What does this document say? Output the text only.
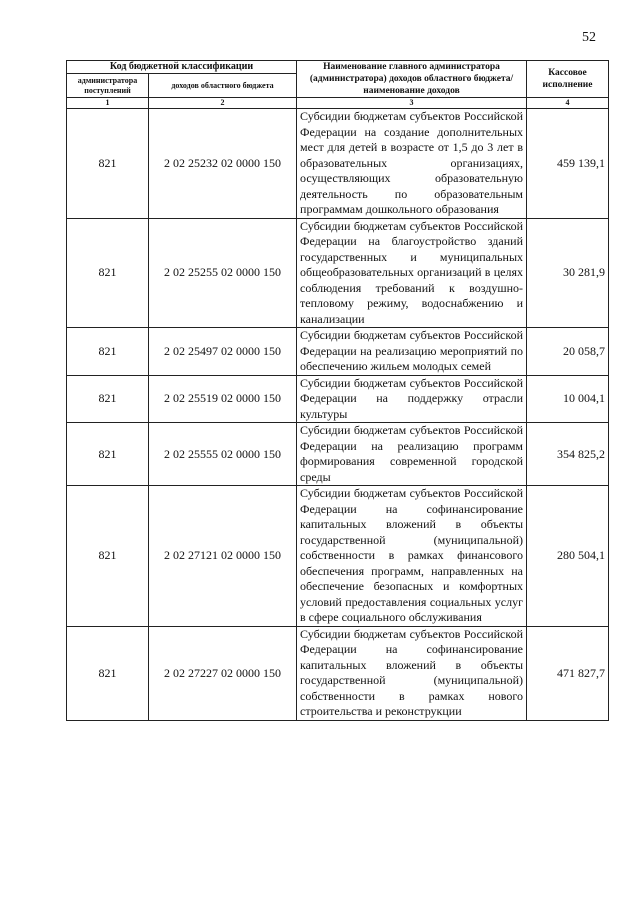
52
Код бюджетной классификации		Наименование главного администратора (администратора) доходов областного бюджета/ наименование доходов	Кассовое исполнение
администратора поступлений	доходов областного бюджета		
1	2	3	4
821	2 02 25232 02 0000 150	Субсидии бюджетам субъектов Российской Федерации на создание дополнительных мест для детей в возрасте от 1,5 до 3 лет в образовательных организациях, осуществляющих образовательную деятельность по образовательным программам дошкольного образования	459 139,1
821	2 02 25255 02 0000 150	Субсидии бюджетам субъектов Российской Федерации на благоустройство зданий государственных и муниципальных общеобразовательных организаций в целях соблюдения требований к воздушно-тепловому режиму, водоснабжению и канализации	30 281,9
821	2 02 25497 02 0000 150	Субсидии бюджетам субъектов Российской Федерации на реализацию мероприятий по обеспечению жильем молодых семей	20 058,7
821	2 02 25519 02 0000 150	Субсидии бюджетам субъектов Российской Федерации на поддержку отрасли культуры	10 004,1
821	2 02 25555 02 0000 150	Субсидии бюджетам субъектов Российской Федерации на реализацию программ формирования современной городской среды	354 825,2
821	2 02 27121 02 0000 150	Субсидии бюджетам субъектов Российской Федерации на софинансирование капитальных вложений в объекты государственной (муниципальной) собственности в рамках финансового обеспечения программ, направленных на обеспечение безопасных и комфортных условий предоставления социальных услуг в сфере социального обслуживания	280 504,1
821	2 02 27227 02 0000 150	Субсидии бюджетам субъектов Российской Федерации на софинансирование капитальных вложений в объекты государственной (муниципальной) собственности в рамках нового строительства и реконструкции	471 827,7
